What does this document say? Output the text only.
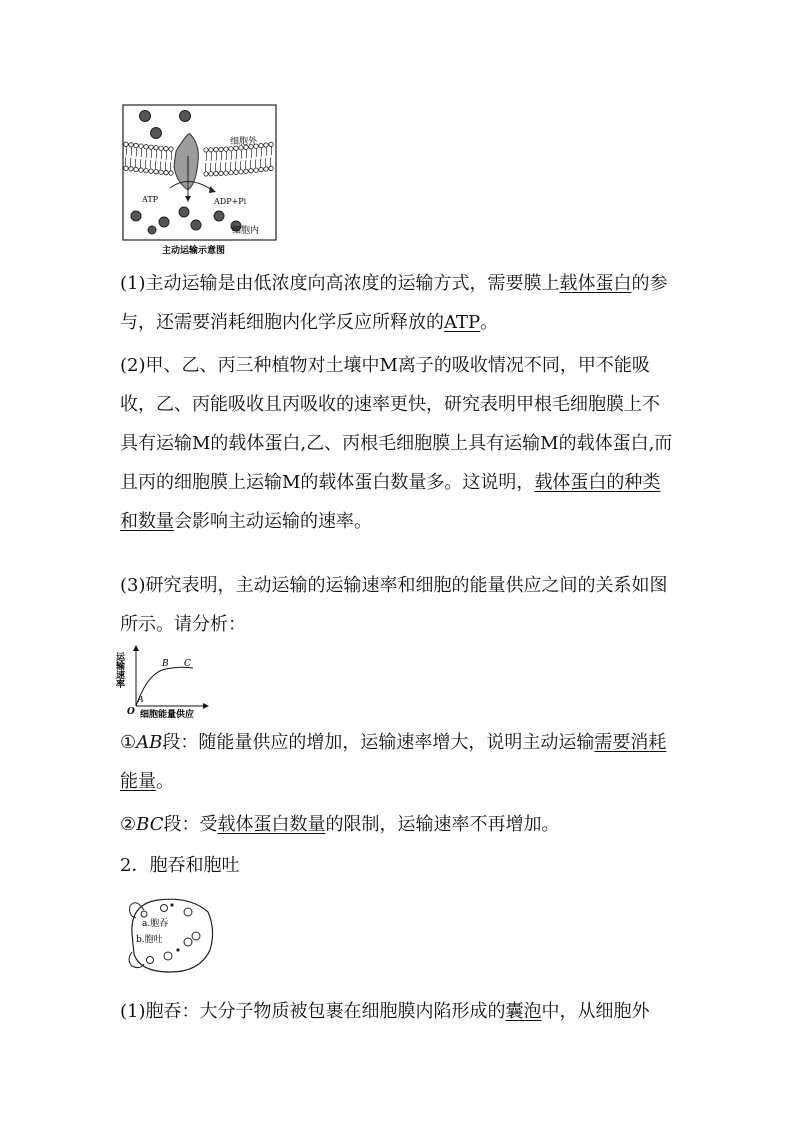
细胞外
ATP	ADP+Pi
细胞内
主动运输示意图

(1)主动运输是由低浓度向高浓度的运输方式，需要膜上载体蛋白的参与，还需要消耗细胞内化学反应所释放的ATP。

(2)甲、乙、丙三种植物对土壤中M离子的吸收情况不同，甲不能吸收，乙、丙能吸收且丙吸收的速率更快，研究表明甲根毛细胞膜上不具有运输M的载体蛋白,乙、丙根毛细胞膜上具有运输M的载体蛋白,而且丙的细胞膜上运输M的载体蛋白数量多。这说明，载体蛋白的种类和数量会影响主动运输的速率。

(3)研究表明，主动运输的运输速率和细胞的能量供应之间的关系如图所示。请分析：

运输速率
细胞能量供应
O
A
B C

①AB段：随能量供应的增加，运输速率增大，说明主动运输需要消耗能量。

②BC段：受载体蛋白数量的限制，运输速率不再增加。

2．胞吞和胞吐

a.胞吞
b.胞吐

(1)胞吞：大分子物质被包裹在细胞膜内陷形成的囊泡中，从细胞外
